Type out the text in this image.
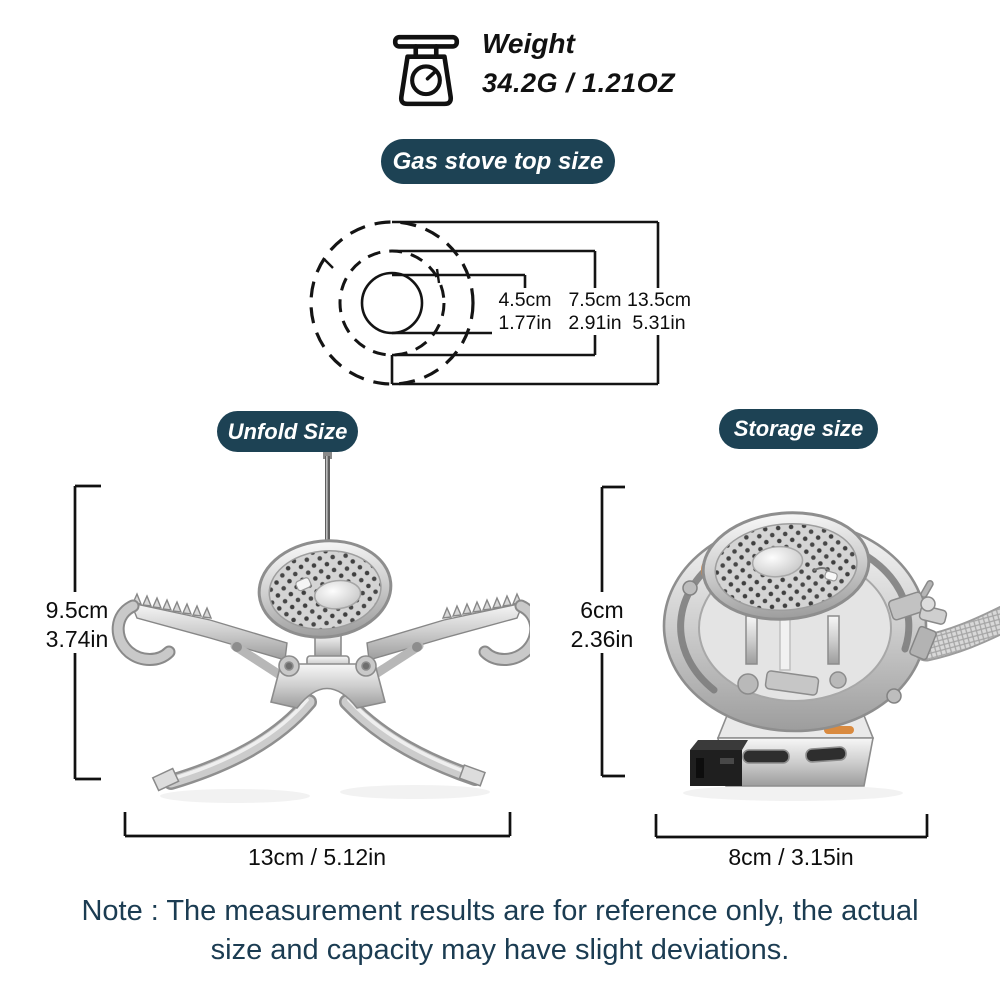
Weight
34.2G / 1.21OZ
Gas stove top size
Unfold Size	Storage size
4.5cm
1.77in
7.5cm
2.91in
13.5cm
5.31in
9.5cm
3.74in
6cm
2.36in
13cm / 5.12in	8cm / 3.15in
Note : The measurement results are for reference only, the actual
size and capacity may have slight deviations.
